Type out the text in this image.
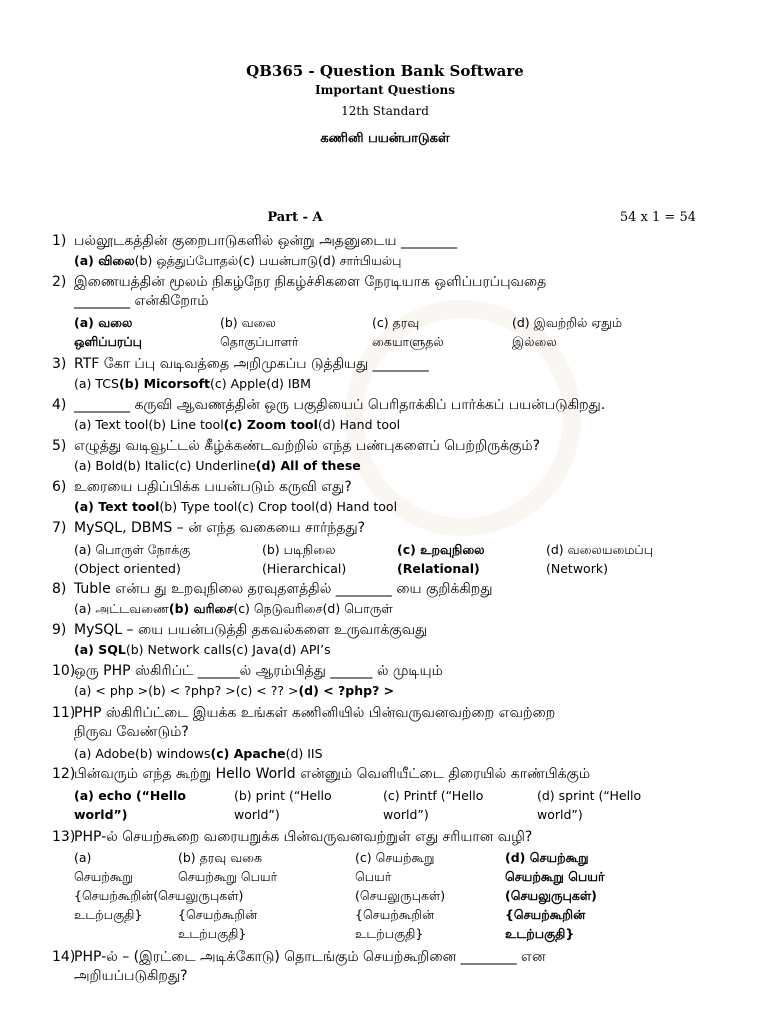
QB365 - Question Bank Software
Important Questions
12th Standard
கணினி பயன்பாடுகள்
Part - A	54 x 1 = 54
1) பல்லூடகத்தின் குறைபாடுகளில் ஒன்று அதனுடைய ________
(a) விலை(b) ஒத்துப்போதல்(c) பயன்பாடு(d) சார்பியல்பு
2) இணையத்தின் மூலம் நிகழ்நேர நிகழ்ச்சிகளை நேரடியாக ஒளிப்பரப்புவதை
________ என்கிறோம்
(a) வலை
ஒளிப்பரப்பு
(b) வலை
தொகுப்பாளர்
(c) தரவு
கையாளுதல்
(d) இவற்றில் ஏதும்
இல்லை
3) RTF கோ ப்பு வடிவத்தை அறிமுகப்ப டுத்தியது ________
(a) TCS(b) Micorsoft(c) Apple(d) IBM
4) ________ கருவி ஆவணத்தின் ஒரு பகுதியைப் பெரிதாக்கிப் பார்க்கப் பயன்படுகிறது.
(a) Text tool(b) Line tool(c) Zoom tool(d) Hand tool
5) எழுத்து வடிவூட்டல் கீழ்க்கண்டவற்றில் எந்த பண்புகளைப் பெற்றிருக்கும்?
(a) Bold(b) Italic(c) Underline(d) All of these
6) உரையை பதிப்பிக்க பயன்படும் கருவி எது?
(a) Text tool(b) Type tool(c) Crop tool(d) Hand tool
7) MySQL, DBMS – ன் எந்த வகையை சார்ந்தது?
(a) பொருள் நோக்கு
(Object oriented)
(b) படிநிலை
(Hierarchical)
(c) உறவுநிலை
(Relational)
(d) வலையமைப்பு
(Network)
8) Tuble என்ப து உறவுநிலை தரவுதளத்தில் ________ யை குறிக்கிறது
(a) அட்டவணை(b) வரிசை(c) நெடுவரிசை(d) பொருள்
9) MySQL – யை பயன்படுத்தி தகவல்களை உருவாக்குவது
(a) SQL(b) Network calls(c) Java(d) API’s
10)ஒரு PHP ஸ்கிரிப்ட் ______ல் ஆரம்பித்து ______ ல் முடியும்
(a) < php >(b) < ?php? >(c) < ?? >(d) < ?php? >
11)PHP ஸ்கிரிப்ட்டை இயக்க உங்கள் கணினியில் பின்வருவனவற்றை எவற்றை
நிருவ வேண்டும்?
(a) Adobe(b) windows(c) Apache(d) IIS
12)பின்வரும் எந்த கூற்று Hello World என்னும் வெளியீட்டை திரையில் காண்பிக்கும்
(a) echo (“Hello
world”)
(b) print (“Hello
world”)
(c) Printf (“Hello
world”)
(d) sprint (“Hello
world”)
13)PHP-ல் செயற்கூறை வரையறுக்க பின்வருவனவற்றுள் எது சரியான வழி?
(a)
செயற்கூறு
{செயற்கூறின்(செயலுருபுகள்)
உடற்பகுதி}
(b) தரவு வகை
செயற்கூறு பெயர்
{செயற்கூறின்
உடற்பகுதி}
(c) செயற்கூறு
பெயர்
(செயலுருபுகள்)
{செயற்கூறின்
உடற்பகுதி}
(d) செயற்கூறு
செயற்கூறு பெயர்
(செயலுருபுகள்)
{செயற்கூறின்
உடற்பகுதி}
14)PHP-ல் – (இரட்டை அடிக்கோடு) தொடங்கும் செயற்கூறினை ________ என
அறியப்படுகிறது?
